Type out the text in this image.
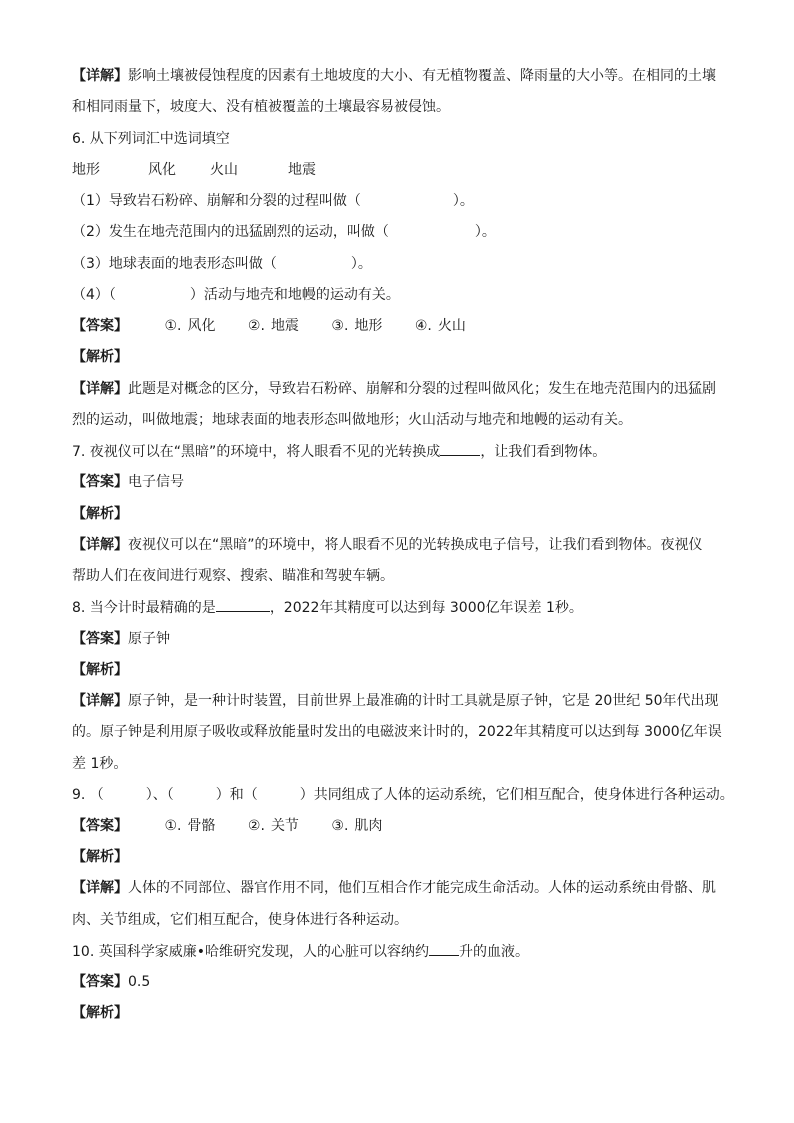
【详解】影响土壤被侵蚀程度的因素有土地坡度的大小、有无植物覆盖、降雨量的大小等。在相同的土壤
和相同雨量下，坡度大、没有植被覆盖的土壤最容易被侵蚀。
6. 从下列词汇中选词填空
地形	风化 火山	地震
（1）导致岩石粉碎、崩解和分裂的过程叫做（	）。
（2）发生在地壳范围内的迅猛剧烈的运动，叫做（	）。
（3）地球表面的地表形态叫做（	）。
（4）（	）活动与地壳和地幔的运动有关。
【答案】	①. 风化 ②. 地震 ③. 地形 ④. 火山
【解析】
【详解】此题是对概念的区分，导致岩石粉碎、崩解和分裂的过程叫做风化；发生在地壳范围内的迅猛剧
烈的运动，叫做地震；地球表面的地表形态叫做地形；火山活动与地壳和地幔的运动有关。
7. 夜视仪可以在“黑暗”的环境中，将人眼看不见的光转换成	，让我们看到物体。
【答案】电子信号
【解析】
【详解】夜视仪可以在“黑暗”的环境中，将人眼看不见的光转换成电子信号，让我们看到物体。夜视仪
帮助人们在夜间进行观察、搜索、瞄准和驾驶车辆。
8. 当今计时最精确的是	，2022年其精度可以达到每 3000亿年误差 1秒。
【答案】原子钟
【解析】
【详解】原子钟，是一种计时装置，目前世界上最准确的计时工具就是原子钟，它是 20世纪 50年代出现
的。原子钟是利用原子吸收或释放能量时发出的电磁波来计时的，2022年其精度可以达到每 3000亿年误
差 1秒。
9. （　　　）、（　　　）和（　　　）共同组成了人体的运动系统，它们相互配合，使身体进行各种运动。
【答案】	①. 骨骼 ②. 关节 ③. 肌肉
【解析】
【详解】人体的不同部位、器官作用不同，他们互相合作才能完成生命活动。人体的运动系统由骨骼、肌
肉、关节组成，它们相互配合，使身体进行各种运动。
10. 英国科学家威廉•哈维研究发现，人的心脏可以容纳约 升的血液。
【答案】0.5
【解析】
